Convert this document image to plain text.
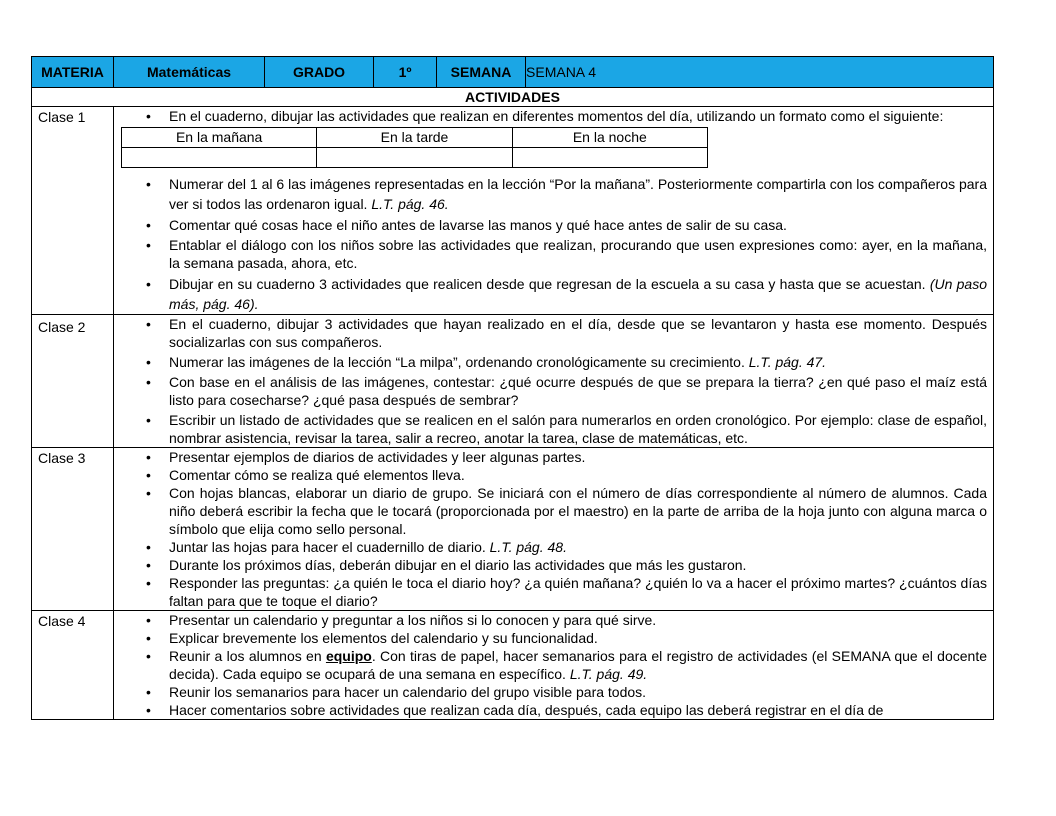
MATERIA	Matemáticas	GRADO	1º	SEMANA	SEMANA 4
ACTIVIDADES
Clase 1	
•En el cuaderno, dibujar las actividades que realizan en diferentes momentos del día, utilizando un formato como el siguiente:
En la mañana	En la tarde	En la noche

• Numerar del 1 al 6 las imágenes representadas en la lección “Por la mañana”. Posteriormente compartirla con los compañeros para ver si todos las ordenaron igual. L.T. pág. 46.
• Comentar qué cosas hace el niño antes de lavarse las manos y qué hace antes de salir de su casa.
• Entablar el diálogo con los niños sobre las actividades que realizan, procurando que usen expresiones como: ayer, en la mañana, la semana pasada, ahora, etc.
• Dibujar en su cuaderno 3 actividades que realicen desde que regresan de la escuela a su casa y hasta que se acuestan. (Un paso más, pág. 46).

Clase 2	
•En el cuaderno, dibujar 3 actividades que hayan realizado en el día, desde que se levantaron y hasta ese momento. Después socializarlas con sus compañeros.
• Numerar las imágenes de la lección “La milpa”, ordenando cronológicamente su crecimiento. L.T. pág. 47.
• Con base en el análisis de las imágenes, contestar: ¿qué ocurre después de que se prepara la tierra? ¿en qué paso el maíz está listo para cosecharse? ¿qué pasa después de sembrar?
• Escribir un listado de actividades que se realicen en el salón para numerarlos en orden cronológico. Por ejemplo: clase de español, nombrar asistencia, revisar la tarea, salir a recreo, anotar la tarea, clase de matemáticas, etc.

Clase 3	
•Presentar ejemplos de diarios de actividades y leer algunas partes.
• Comentar cómo se realiza qué elementos lleva.
• Con hojas blancas, elaborar un diario de grupo. Se iniciará con el número de días correspondiente al número de alumnos. Cada niño deberá escribir la fecha que le tocará (proporcionada por el maestro) en la parte de arriba de la hoja junto con alguna marca o símbolo que elija como sello personal.
• Juntar las hojas para hacer el cuadernillo de diario. L.T. pág. 48.
• Durante los próximos días, deberán dibujar en el diario las actividades que más les gustaron.
• Responder las preguntas: ¿a quién le toca el diario hoy? ¿a quién mañana? ¿quién lo va a hacer el próximo martes? ¿cuántos días faltan para que te toque el diario?

Clase 4	
•Presentar un calendario y preguntar a los niños si lo conocen y para qué sirve.
• Explicar brevemente los elementos del calendario y su funcionalidad.
• Reunir a los alumnos en equipo. Con tiras de papel, hacer semanarios para el registro de actividades (el SEMANA que el docente decida). Cada equipo se ocupará de una semana en específico. L.T. pág. 49.
• Reunir los semanarios para hacer un calendario del grupo visible para todos.
• Hacer comentarios sobre actividades que realizan cada día, después, cada equipo las deberá registrar en el día de
